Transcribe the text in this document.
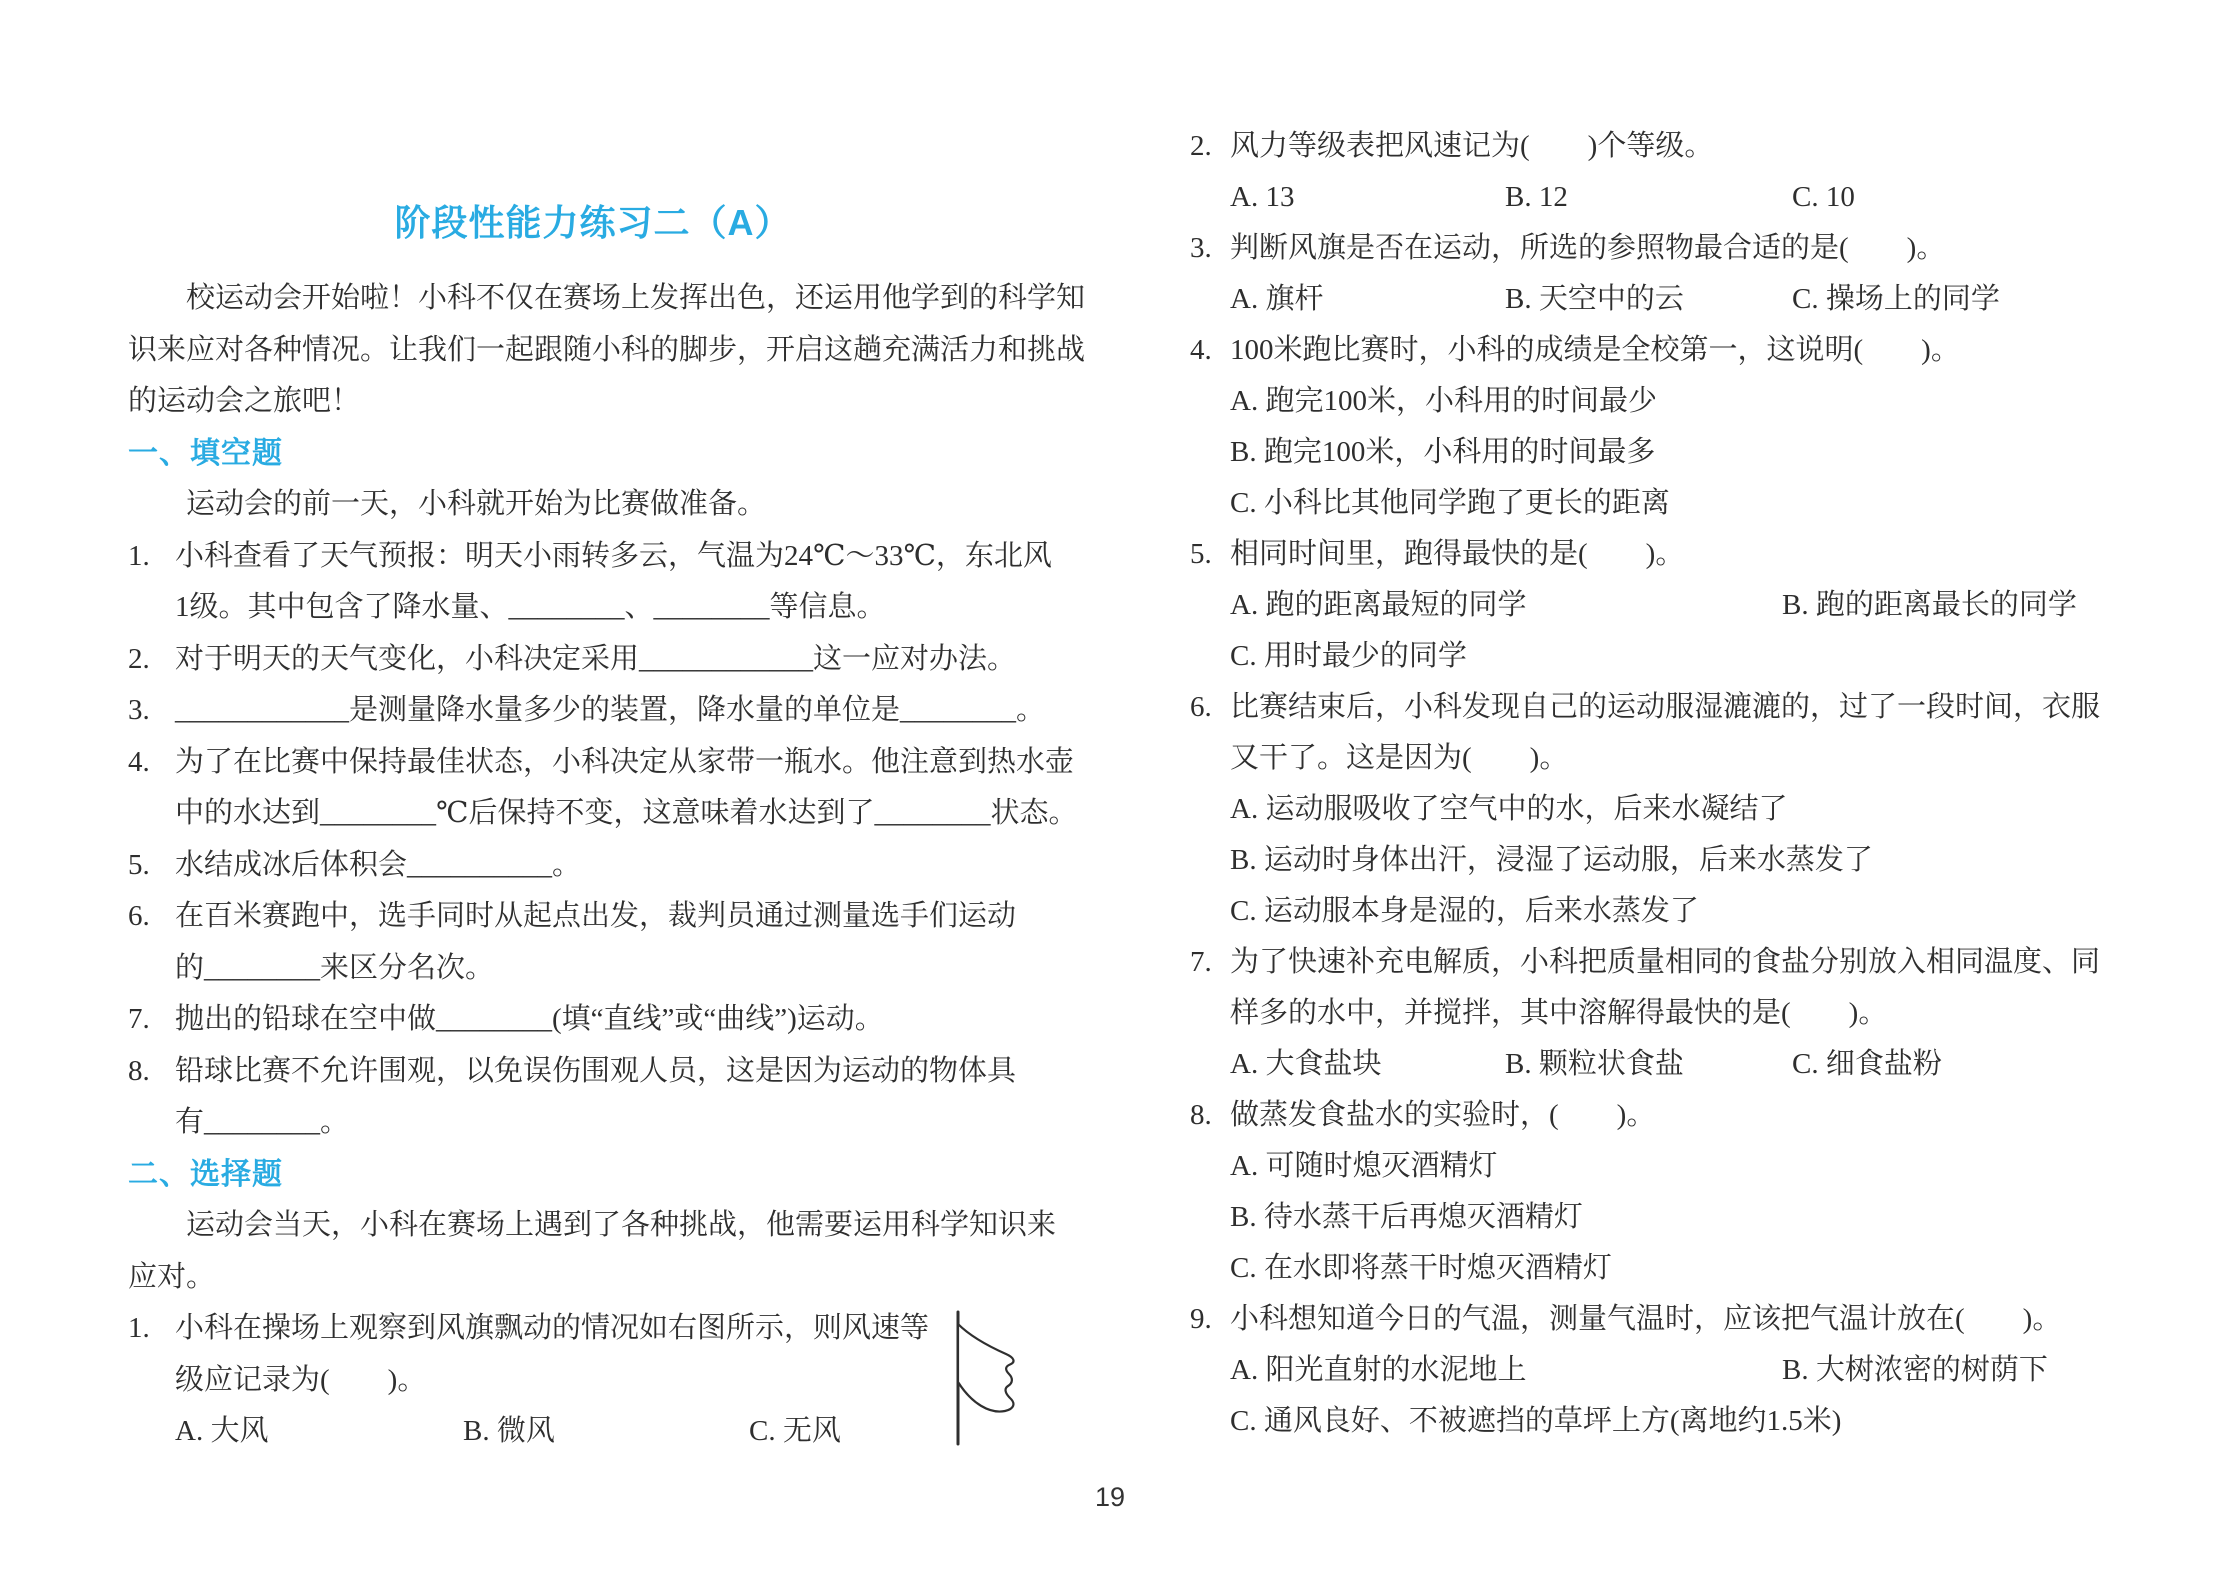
阶段性能力练习二（A）
校运动会开始啦！小科不仅在赛场上发挥出色，还运用他学到的科学知
识来应对各种情况。让我们一起跟随小科的脚步，开启这趟充满活力和挑战
的运动会之旅吧！
一、填空题
运动会的前一天，小科就开始为比赛做准备。
1. 小科查看了天气预报：明天小雨转多云，气温为24℃～33℃，东北风
1级。其中包含了降水量、________、________等信息。
2. 对于明天的天气变化，小科决定采用____________这一应对办法。
3. ____________是测量降水量多少的装置，降水量的单位是________。
4. 为了在比赛中保持最佳状态，小科决定从家带一瓶水。他注意到热水壶
中的水达到________℃后保持不变，这意味着水达到了________状态。
5. 水结成冰后体积会__________。
6. 在百米赛跑中，选手同时从起点出发，裁判员通过测量选手们运动
的________来区分名次。
7. 抛出的铅球在空中做________(填“直线”或“曲线”)运动。
8. 铅球比赛不允许围观，以免误伤围观人员，这是因为运动的物体具
有________。
二、选择题
运动会当天，小科在赛场上遇到了各种挑战，他需要运用科学知识来
应对。
1. 小科在操场上观察到风旗飘动的情况如右图所示，则风速等
级应记录为(　　)。
A. 大风	B. 微风	C. 无风
2. 风力等级表把风速记为(　　)个等级。
A. 13	B. 12	C. 10
3. 判断风旗是否在运动，所选的参照物最合适的是(　　)。
A. 旗杆	B. 天空中的云	C. 操场上的同学
4. 100米跑比赛时，小科的成绩是全校第一，这说明(　　)。
A. 跑完100米，小科用的时间最少
B. 跑完100米，小科用的时间最多
C. 小科比其他同学跑了更长的距离
5. 相同时间里，跑得最快的是(　　)。
A. 跑的距离最短的同学	B. 跑的距离最长的同学
C. 用时最少的同学
6. 比赛结束后，小科发现自己的运动服湿漉漉的，过了一段时间，衣服
又干了。这是因为(　　)。
A. 运动服吸收了空气中的水，后来水凝结了
B. 运动时身体出汗，浸湿了运动服，后来水蒸发了
C. 运动服本身是湿的，后来水蒸发了
7. 为了快速补充电解质，小科把质量相同的食盐分别放入相同温度、同
样多的水中，并搅拌，其中溶解得最快的是(　　)。
A. 大食盐块	B. 颗粒状食盐	C. 细食盐粉
8. 做蒸发食盐水的实验时，(　　)。
A. 可随时熄灭酒精灯
B. 待水蒸干后再熄灭酒精灯
C. 在水即将蒸干时熄灭酒精灯
9. 小科想知道今日的气温，测量气温时，应该把气温计放在(　　)。
A. 阳光直射的水泥地上	B. 大树浓密的树荫下
C. 通风良好、不被遮挡的草坪上方(离地约1.5米)
19
